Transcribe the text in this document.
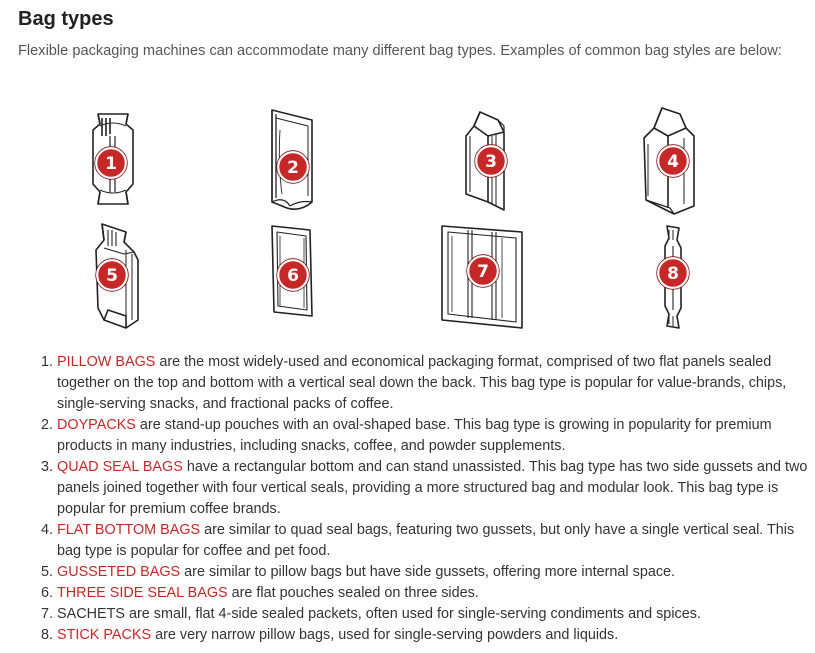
Bag types

Flexible packaging machines can accommodate many different bag types. Examples of common bag styles are below:

1	2	3	4
5	6	7	8
1. PILLOW BAGS are the most widely-used and economical packaging format, comprised of two flat panels sealed together on the top and bottom with a vertical seal down the back. This bag type is popular for value-brands, chips, single-serving snacks, and fractional packs of coffee.
2. DOYPACKS are stand-up pouches with an oval-shaped base. This bag type is growing in popularity for premium products in many industries, including snacks, coffee, and powder supplements.
3. QUAD SEAL BAGS have a rectangular bottom and can stand unassisted. This bag type has two side gussets and two panels joined together with four vertical seals, providing a more structured bag and modular look. This bag type is popular for premium coffee brands.
4. FLAT BOTTOM BAGS are similar to quad seal bags, featuring two gussets, but only have a single vertical seal. This bag type is popular for coffee and pet food.
5. GUSSETED BAGS are similar to pillow bags but have side gussets, offering more internal space.
6. THREE SIDE SEAL BAGS are flat pouches sealed on three sides.
7. SACHETS are small, flat 4-side sealed packets, often used for single-serving condiments and spices.
8. STICK PACKS are very narrow pillow bags, used for single-serving powders and liquids.
